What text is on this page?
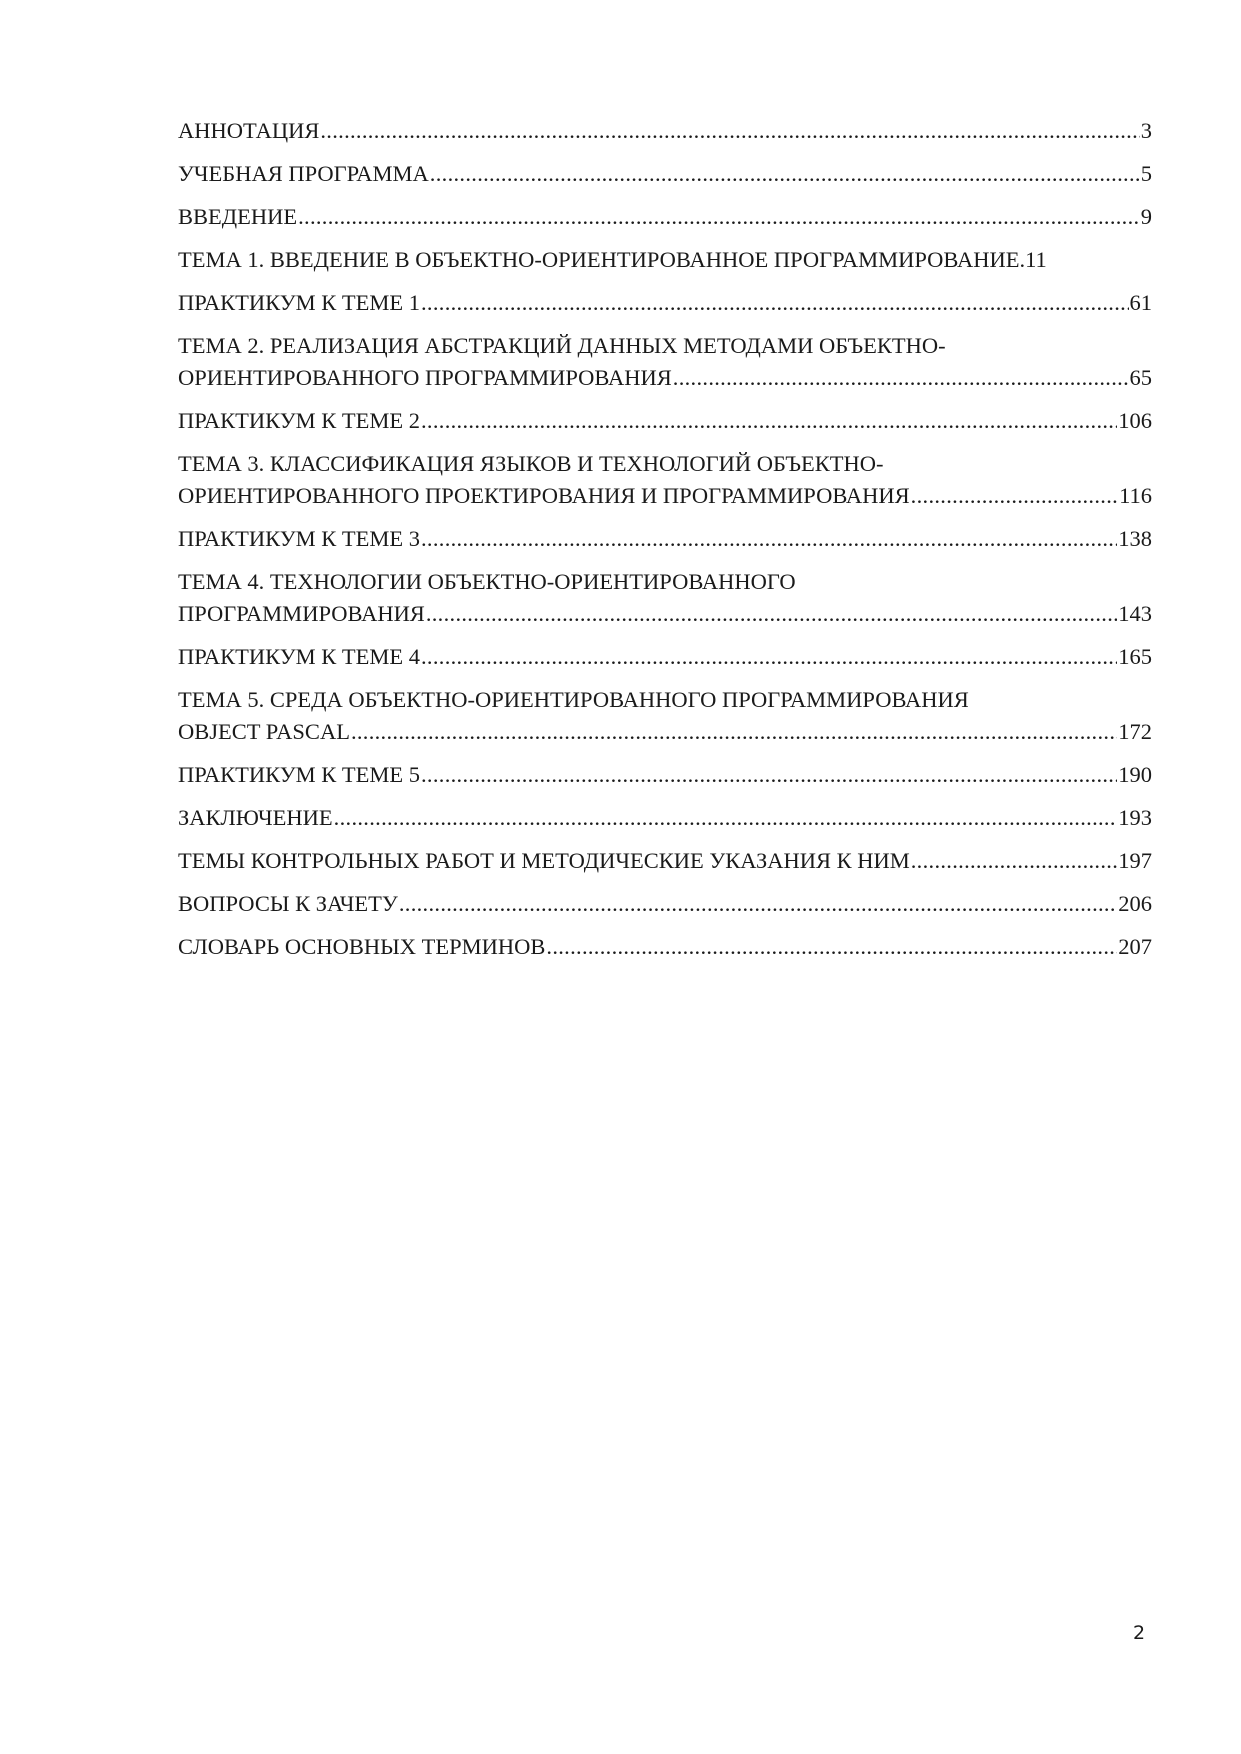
АННОТАЦИЯ .....	3
УЧЕБНАЯ ПРОГРАММА .....	5
ВВЕДЕНИЕ .....	9
ТЕМА 1. ВВЕДЕНИЕ В ОБЪЕКТНО-ОРИЕНТИРОВАННОЕ ПРОГРАММИРОВАНИЕ. 11
ПРАКТИКУМ К ТЕМЕ 1 .....	61
ТЕМА 2. РЕАЛИЗАЦИЯ АБСТРАКЦИЙ ДАННЫХ МЕТОДАМИ ОБЪЕКТНО-
ОРИЕНТИРОВАННОГО ПРОГРАММИРОВАНИЯ .....	65
ПРАКТИКУМ К ТЕМЕ 2 .....	106
ТЕМА 3. КЛАССИФИКАЦИЯ ЯЗЫКОВ И ТЕХНОЛОГИЙ ОБЪЕКТНО-
ОРИЕНТИРОВАННОГО ПРОЕКТИРОВАНИЯ И ПРОГРАММИРОВАНИЯ .....	116
ПРАКТИКУМ К ТЕМЕ 3 .....	138
ТЕМА 4. ТЕХНОЛОГИИ ОБЪЕКТНО-ОРИЕНТИРОВАННОГО
ПРОГРАММИРОВАНИЯ .....	143
ПРАКТИКУМ К ТЕМЕ 4 .....	165
ТЕМА 5. СРЕДА ОБЪЕКТНО-ОРИЕНТИРОВАННОГО ПРОГРАММИРОВАНИЯ
OBJECT PASCAL .....	172
ПРАКТИКУМ К ТЕМЕ 5 .....	190
ЗАКЛЮЧЕНИЕ .....	193
ТЕМЫ КОНТРОЛЬНЫХ РАБОТ И МЕТОДИЧЕСКИЕ УКАЗАНИЯ К НИМ .....	197
ВОПРОСЫ К ЗАЧЕТУ .....	206
СЛОВАРЬ ОСНОВНЫХ ТЕРМИНОВ .....	207
2
